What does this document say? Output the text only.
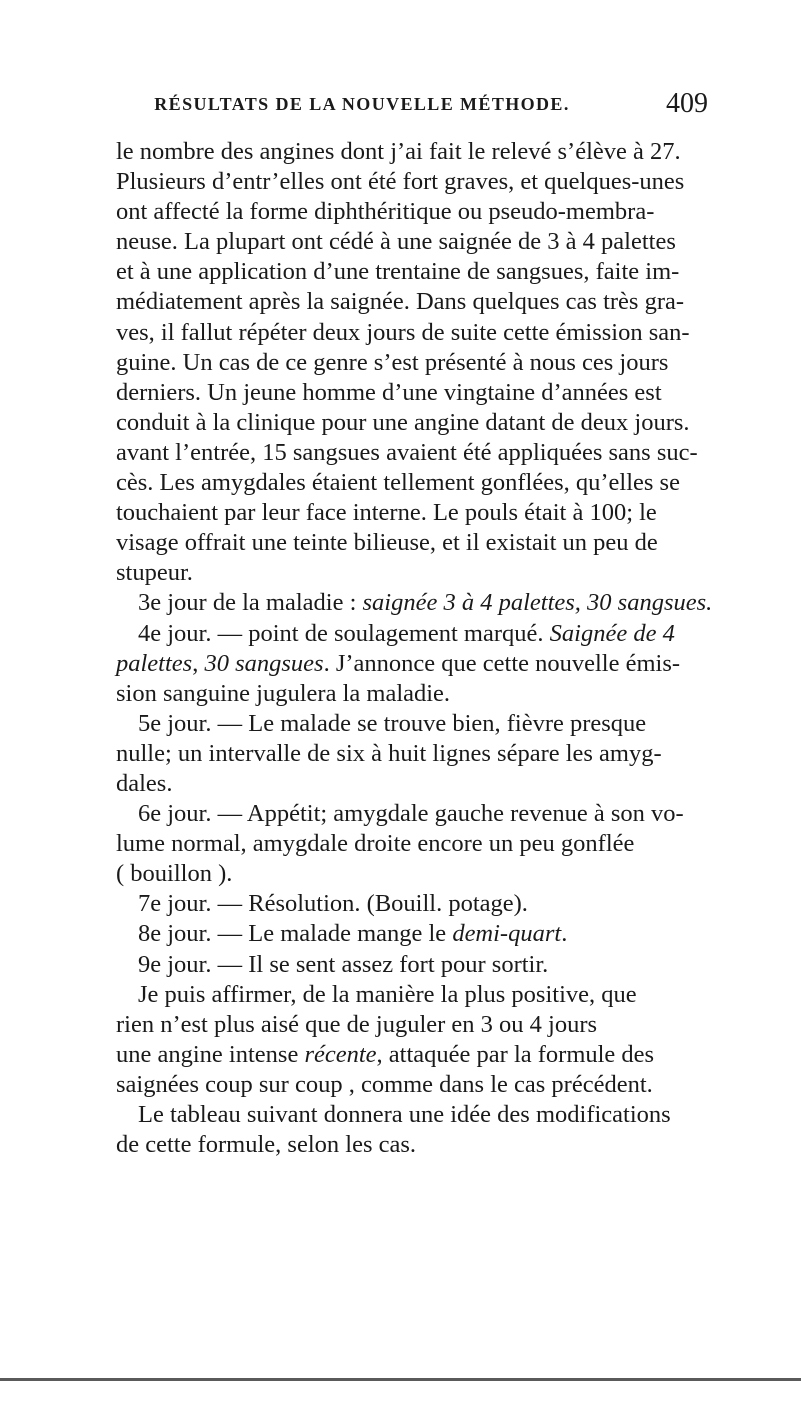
RÉSULTATS DE LA NOUVELLE MÉTHODE.	409
le nombre des angines dont j’ai fait le relevé s’élève à 27.
Plusieurs d’entr’elles ont été fort graves, et quelques-unes
ont affecté la forme diphthéritique ou pseudo-membra-
neuse. La plupart ont cédé à une saignée de 3 à 4 palettes
et à une application d’une trentaine de sangsues, faite im-
médiatement après la saignée. Dans quelques cas très gra-
ves, il fallut répéter deux jours de suite cette émission san-
guine. Un cas de ce genre s’est présenté à nous ces jours
derniers. Un jeune homme d’une vingtaine d’années est
conduit à la clinique pour une angine datant de deux jours.
avant l’entrée, 15 sangsues avaient été appliquées sans suc-
cès. Les amygdales étaient tellement gonflées, qu’elles se
touchaient par leur face interne. Le pouls était à 100; le
visage offrait une teinte bilieuse, et il existait un peu de
stupeur.
3e jour de la maladie : saignée 3 à 4 palettes, 30 sangsues.
4e jour. — point de soulagement marqué. Saignée de 4
palettes, 30 sangsues. J’annonce que cette nouvelle émis-
sion sanguine jugulera la maladie.
5e jour. — Le malade se trouve bien, fièvre presque
nulle; un intervalle de six à huit lignes sépare les amyg-
dales.
6e jour. — Appétit; amygdale gauche revenue à son vo-
lume normal, amygdale droite encore un peu gonflée
( bouillon ).
7e jour. — Résolution. (Bouill. potage).
8e jour. — Le malade mange le demi-quart.
9e jour. — Il se sent assez fort pour sortir.
Je puis affirmer, de la manière la plus positive, que
rien n’est plus aisé que de juguler en 3 ou 4 jours
une angine intense récente, attaquée par la formule des
saignées coup sur coup , comme dans le cas précédent.
Le tableau suivant donnera une idée des modifications
de cette formule, selon les cas.
